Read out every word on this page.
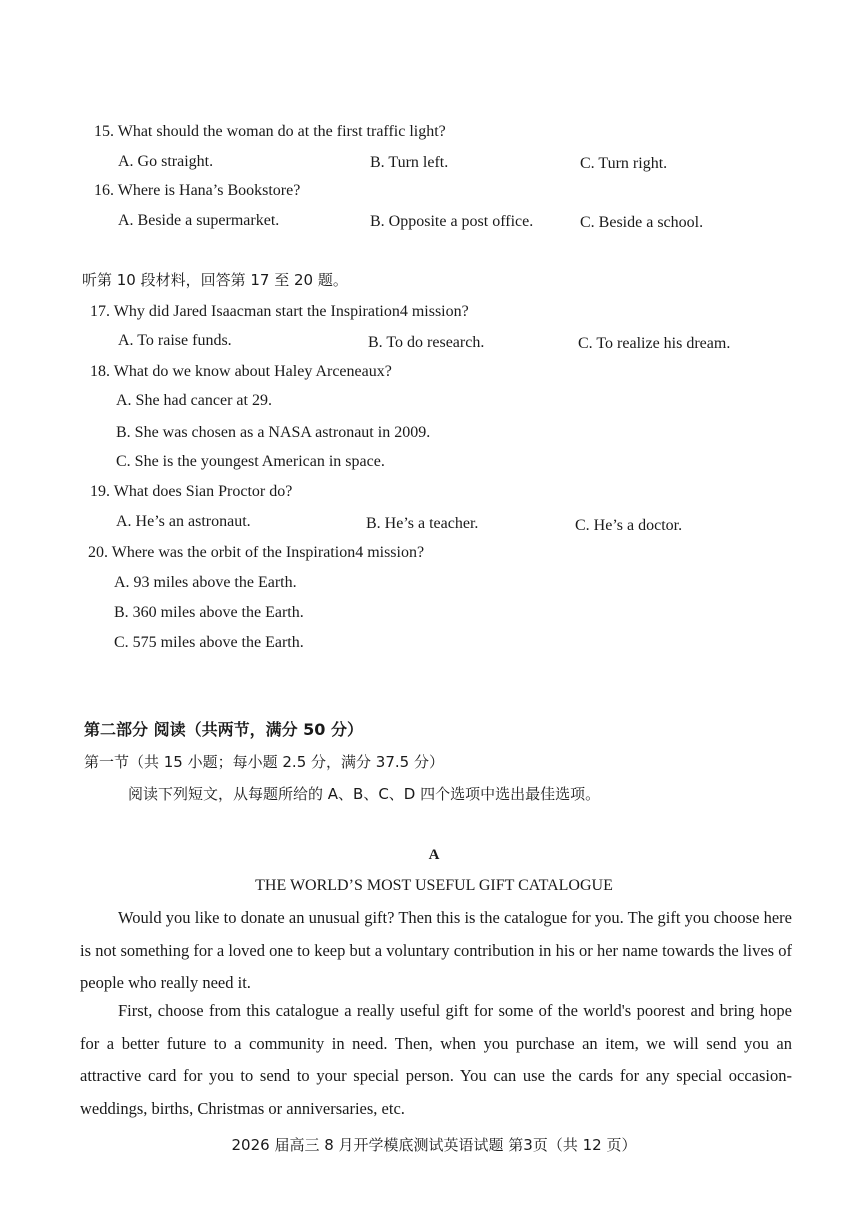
15. What should the woman do at the first traffic light?
A. Go straight.	B. Turn left.	C. Turn right.
16. Where is Hana’s Bookstore?
A. Beside a supermarket.	B. Opposite a post office.	C. Beside a school.
听第 10 段材料，回答第 17 至 20 题。
17. Why did Jared Isaacman start the Inspiration4 mission?
A. To raise funds.	B. To do research.	C. To realize his dream.
18. What do we know about Haley Arceneaux?
A. She had cancer at 29.
B. She was chosen as a NASA astronaut in 2009.
C. She is the youngest American in space.
19. What does Sian Proctor do?
A. He’s an astronaut.	B. He’s a teacher.	C. He’s a doctor.
20. Where was the orbit of the Inspiration4 mission?
A. 93 miles above the Earth.
B. 360 miles above the Earth.
C. 575 miles above the Earth.
第二部分 阅读（共两节，满分 50 分）
第一节（共 15 小题；每小题 2.5 分，满分 37.5 分）
阅读下列短文，从每题所给的 A、B、C、D 四个选项中选出最佳选项。
A
THE WORLD’S MOST USEFUL GIFT CATALOGUE
Would you like to donate an unusual gift? Then this is the catalogue for you. The gift you choose here is not something for a loved one to keep but a voluntary contribution in his or her name towards the lives of people who really need it.
First, choose from this catalogue a really useful gift for some of the world's poorest and bring hope for a better future to a community in need. Then, when you purchase an item, we will send you an attractive card for you to send to your special person. You can use the cards for any special occasion-weddings, births, Christmas or anniversaries, etc.
2026 届高三 8 月开学模底测试英语试题 第3页（共 12 页）
